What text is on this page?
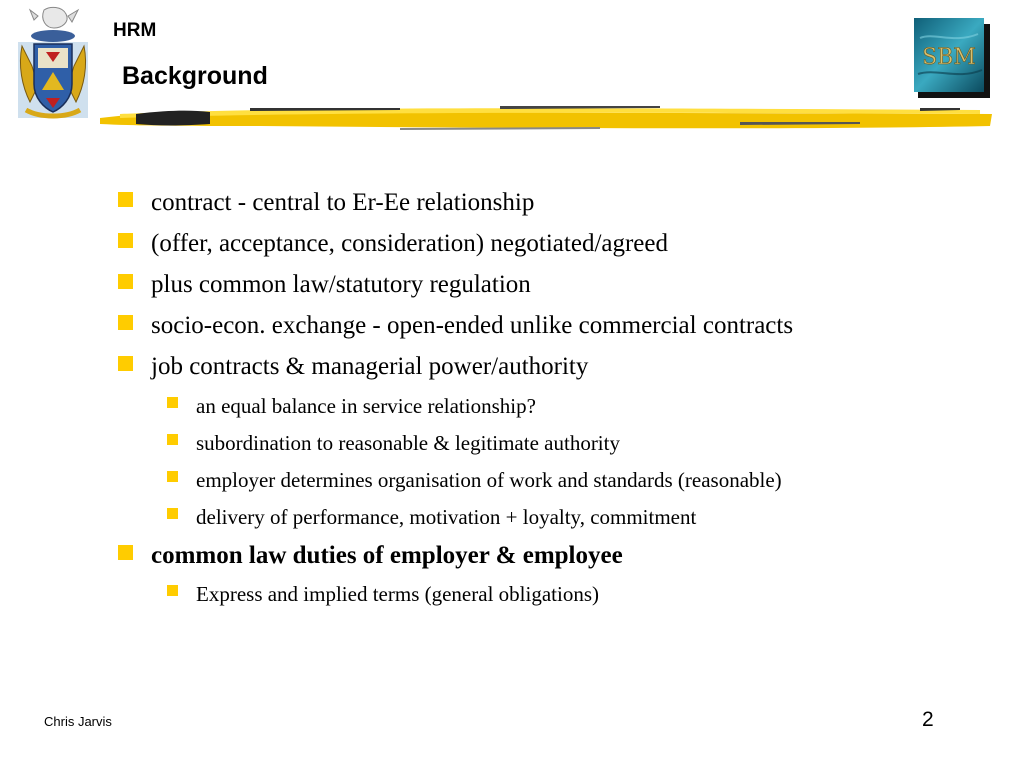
HRM
Background
SBM
contract - central to Er-Ee relationship
(offer, acceptance, consideration) negotiated/agreed
plus common law/statutory regulation
socio-econ. exchange - open-ended unlike commercial contracts
job contracts & managerial power/authority
an equal balance in service relationship?
subordination to reasonable & legitimate authority
employer determines organisation of work and standards (reasonable)
delivery of performance, motivation + loyalty, commitment
common law duties of employer & employee
Express and implied terms (general obligations)
Chris Jarvis	2
